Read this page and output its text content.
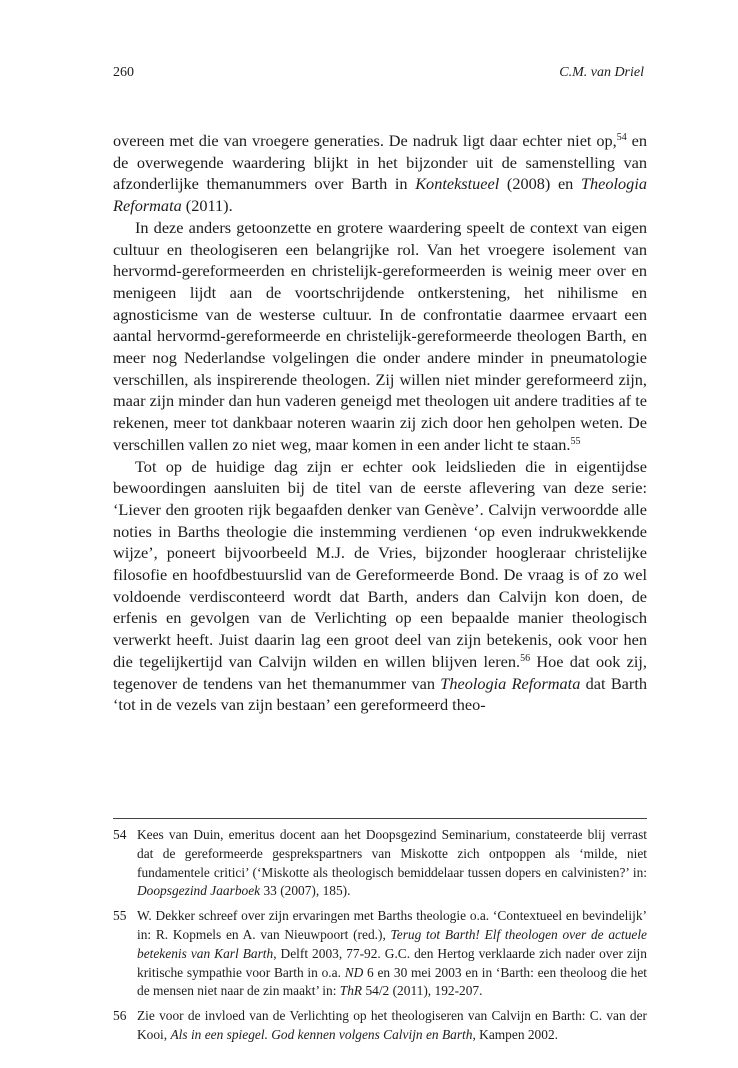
260	C.M. van Driel

overeen met die van vroegere generaties. De nadruk ligt daar echter niet op,$^{54}$ en de overwegende waardering blijkt in het bijzonder uit de samenstelling van afzonderlijke themanummers over Barth in Kontekstueel (2008) en Theologia Reformata (2011).

In deze anders getoonzette en grotere waardering speelt de context van eigen cultuur en theologiseren een belangrijke rol. Van het vroegere isolement van hervormd-gereformeerden en christelijk-gereformeerden is weinig meer over en menigeen lijdt aan de voortschrijdende ontkerstening, het nihilisme en agnosticisme van de westerse cultuur. In de confrontatie daarmee ervaart een aantal hervormd-gereformeerde en christelijk-gereformeerde theologen Barth, en meer nog Nederlandse volgelingen die onder andere minder in pneumatologie verschillen, als inspirerende theologen. Zij willen niet minder gereformeerd zijn, maar zijn minder dan hun vaderen geneigd met theologen uit andere tradities af te rekenen, meer tot dankbaar noteren waarin zij zich door hen geholpen weten. De verschillen vallen zo niet weg, maar komen in een ander licht te staan.$^{55}$

Tot op de huidige dag zijn er echter ook leidslieden die in eigentijdse bewoordingen aansluiten bij de titel van de eerste aflevering van deze serie: ‘Liever den grooten rijk begaafden denker van Genève’. Calvijn verwoordde alle noties in Barths theologie die instemming verdienen ‘op even indrukwekkende wijze’, poneert bijvoorbeeld M.J. de Vries, bijzonder hoogleraar christelijke filosofie en hoofdbestuurslid van de Gereformeerde Bond. De vraag is of zo wel voldoende verdisconteerd wordt dat Barth, anders dan Calvijn kon doen, de erfenis en gevolgen van de Verlichting op een bepaalde manier theologisch verwerkt heeft. Juist daarin lag een groot deel van zijn betekenis, ook voor hen die tegelijkertijd van Calvijn wilden en willen blijven leren.$^{56}$ Hoe dat ook zij, tegenover de tendens van het themanummer van Theologia Reformata dat Barth ‘tot in de vezels van zijn bestaan’ een gereformeerd theo-

54 Kees van Duin, emeritus docent aan het Doopsgezind Seminarium, constateerde blij verrast dat de gereformeerde gesprekspartners van Miskotte zich ontpoppen als ‘milde, niet fundamentele critici’ (‘Miskotte als theologisch bemiddelaar tussen dopers en calvinisten?’ in: Doopsgezind Jaarboek 33 (2007), 185).
55 W. Dekker schreef over zijn ervaringen met Barths theologie o.a. ‘Contextueel en bevindelijk’ in: R. Kopmels en A. van Nieuwpoort (red.), Terug tot Barth! Elf theologen over de actuele betekenis van Karl Barth, Delft 2003, 77-92. G.C. den Hertog verklaarde zich nader over zijn kritische sympathie voor Barth in o.a. ND 6 en 30 mei 2003 en in ‘Barth: een theoloog die het de mensen niet naar de zin maakt’ in: ThR 54/2 (2011), 192-207.
56 Zie voor de invloed van de Verlichting op het theologiseren van Calvijn en Barth: C. van der Kooi, Als in een spiegel. God kennen volgens Calvijn en Barth, Kampen 2002.
